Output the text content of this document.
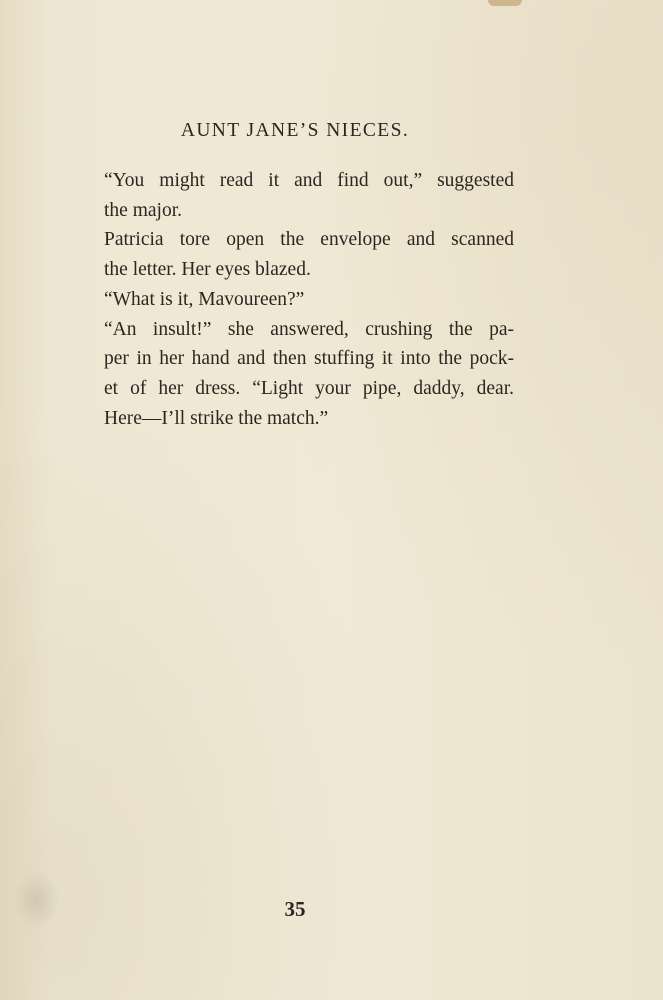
AUNT JANE’S NIECES.

“You might read it and find out,” suggested
the major.

Patricia tore open the envelope and scanned
the letter. Her eyes blazed.

“What is it, Mavoureen?”

“An insult!” she answered, crushing the pa-
per in her hand and then stuffing it into the pock-
et of her dress. “Light your pipe, daddy, dear.
Here—I’ll strike the match.”

35
